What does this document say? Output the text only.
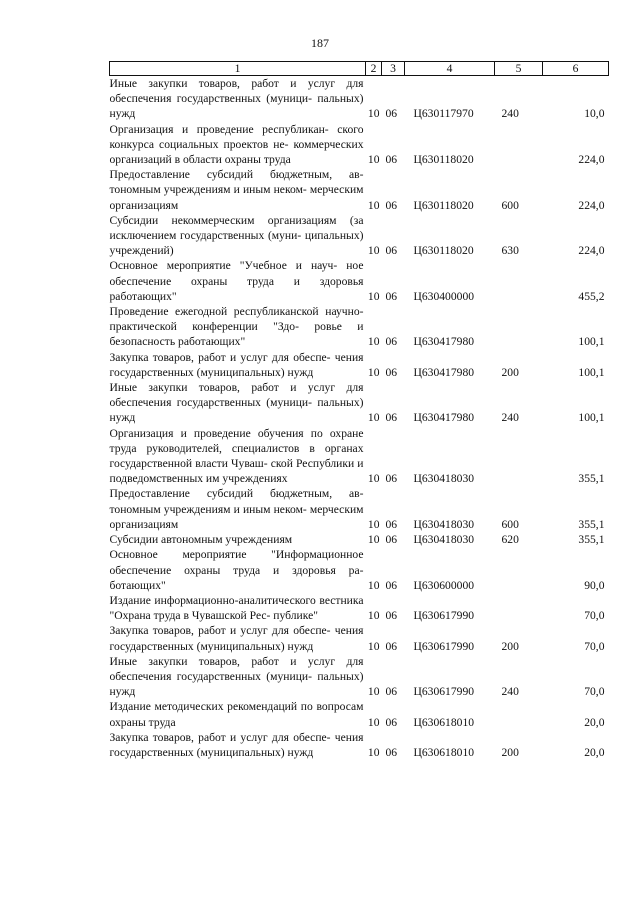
187
1	2	3	4	5	6
Иные закупки товаров, работ и услуг для обеспечения государственных (муници- пальных) нужд	10	06	Ц630117970	240	10,0
Организация и проведение республикан- ского конкурса социальных проектов не- коммерческих организаций в области охраны труда	10	06	Ц630118020		224,0
Предоставление субсидий бюджетным, ав- тономным учреждениям и иным неком- мерческим организациям	10	06	Ц630118020	600	224,0
Субсидии некоммерческим организациям (за исключением государственных (муни- ципальных) учреждений)	10	06	Ц630118020	630	224,0
Основное мероприятие "Учебное и науч- ное обеспечение охраны труда и здоровья работающих"	10	06	Ц630400000		455,2
Проведение ежегодной республиканской научно-практической конференции "Здо- ровье и безопасность работающих"	10	06	Ц630417980		100,1
Закупка товаров, работ и услуг для обеспе- чения государственных (муниципальных) нужд	10	06	Ц630417980	200	100,1
Иные закупки товаров, работ и услуг для обеспечения государственных (муници- пальных) нужд	10	06	Ц630417980	240	100,1
Организация и проведение обучения по охране труда руководителей, специалистов в органах государственной власти Чуваш- ской Республики и подведомственных им учреждениях	10	06	Ц630418030		355,1
Предоставление субсидий бюджетным, ав- тономным учреждениям и иным неком- мерческим организациям	10	06	Ц630418030	600	355,1
Субсидии автономным учреждениям	10	06	Ц630418030	620	355,1
Основное мероприятие "Информационное обеспечение охраны труда и здоровья ра- ботающих"	10	06	Ц630600000		90,0
Издание информационно-аналитического вестника "Охрана труда в Чувашской Рес- публике"	10	06	Ц630617990		70,0
Закупка товаров, работ и услуг для обеспе- чения государственных (муниципальных) нужд	10	06	Ц630617990	200	70,0
Иные закупки товаров, работ и услуг для обеспечения государственных (муници- пальных) нужд	10	06	Ц630617990	240	70,0
Издание методических рекомендаций по вопросам охраны труда	10	06	Ц630618010		20,0
Закупка товаров, работ и услуг для обеспе- чения государственных (муниципальных) нужд	10	06	Ц630618010	200	20,0
